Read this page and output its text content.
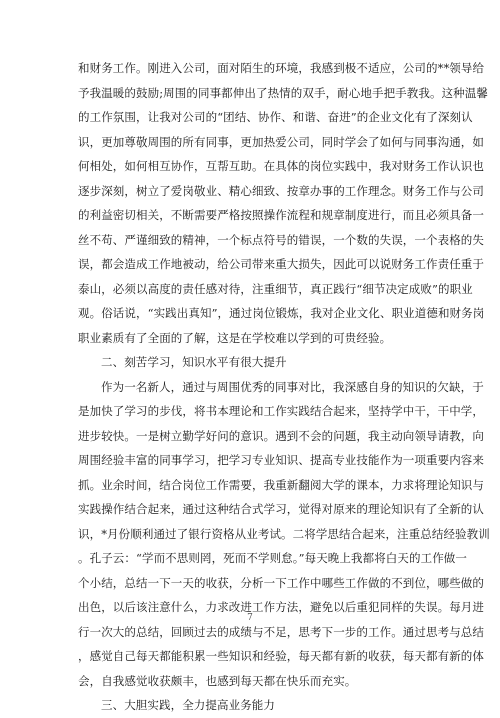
和财务工作。刚进入公司，面对陌生的环境，我感到极不适应，公司的**领导给
予我温暖的鼓励;周围的同事都伸出了热情的双手，耐心地手把手教我。这种温馨
的工作氛围，让我对公司的“团结、协作、和谐、奋进”的企业文化有了深刻认
识，更加尊敬周围的所有同事，更加热爱公司，同时学会了如何与同事沟通，如
何相处，如何相互协作，互帮互助。在具体的岗位实践中，我对财务工作认识也
逐步深刻，树立了爱岗敬业、精心细致、按章办事的工作理念。财务工作与公司
的利益密切相关，不断需要严格按照操作流程和规章制度进行，而且必须具备一
丝不苟、严谨细致的精神，一个标点符号的错误，一个数的失误，一个表格的失
误，都会造成工作地被动，给公司带来重大损失，因此可以说财务工作责任重于
泰山，必须以高度的责任感对待，注重细节，真正践行“细节决定成败”的职业
观。俗话说，“实践出真知”，通过岗位锻炼，我对企业文化、职业道德和财务岗
职业素质有了全面的了解，这是在学校难以学到的可贵经验。
二、刻苦学习，知识水平有很大提升
作为一名新人，通过与周围优秀的同事对比，我深感自身的知识的欠缺，于
是加快了学习的步伐，将书本理论和工作实践结合起来，坚持学中干，干中学，
进步较快。一是树立勤学好问的意识。遇到不会的问题，我主动向领导请教，向
周围经验丰富的同事学习，把学习专业知识、提高专业技能作为一项重要内容来
抓。业余时间，结合岗位工作需要，我重新翻阅大学的课本，力求将理论知识与
实践操作结合起来，通过这种结合式学习，觉得对原来的理论知识有了全新的认
识，*月份顺利通过了银行资格从业考试。二将学思结合起来，注重总结经验教训
。孔子云：“学而不思则罔，死而不学则怠。”每天晚上我都将白天的工作做一
个小结，总结一下一天的收获，分析一下工作中哪些工作做的不到位，哪些做的
出色，以后该注意什么，力求改进工作方法，避免以后重犯同样的失误。每月进
行一次大的总结，回顾过去的成绩与不足，思考下一步的工作。通过思考与总结
，感觉自己每天都能积累一些知识和经验，每天都有新的收获，每天都有新的体
会，自我感觉收获颇丰，也感到每天都在快乐而充实。
三、大胆实践，全力提高业务能力
7
